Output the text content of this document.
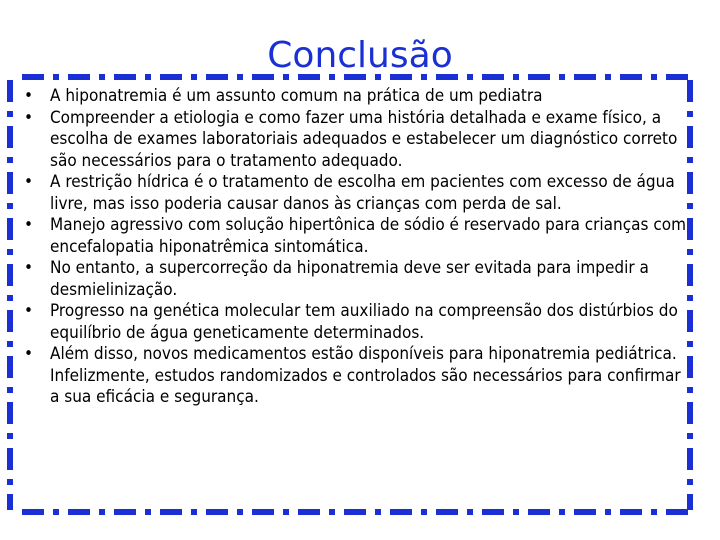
Conclusão
• A hiponatremia é um assunto comum na prática de um pediatra
• Compreender a etiologia e como fazer uma história detalhada e exame físico, a escolha de exames laboratoriais adequados e estabelecer um diagnóstico correto são necessários para o tratamento adequado.
• A restrição hídrica é o tratamento de escolha em pacientes com excesso de água livre, mas isso poderia causar danos às crianças com perda de sal.
• Manejo agressivo com solução hipertônica de sódio é reservado para crianças com encefalopatia hiponatrêmica sintomática.
• No entanto, a supercorreção da hiponatremia deve ser evitada para impedir a desmielinização.
• Progresso na genética molecular tem auxiliado na compreensão dos distúrbios do equilíbrio de água geneticamente determinados.
• Além disso, novos medicamentos estão disponíveis para hiponatremia pediátrica. Infelizmente, estudos randomizados e controlados são necessários para confirmar a sua eficácia e segurança.
